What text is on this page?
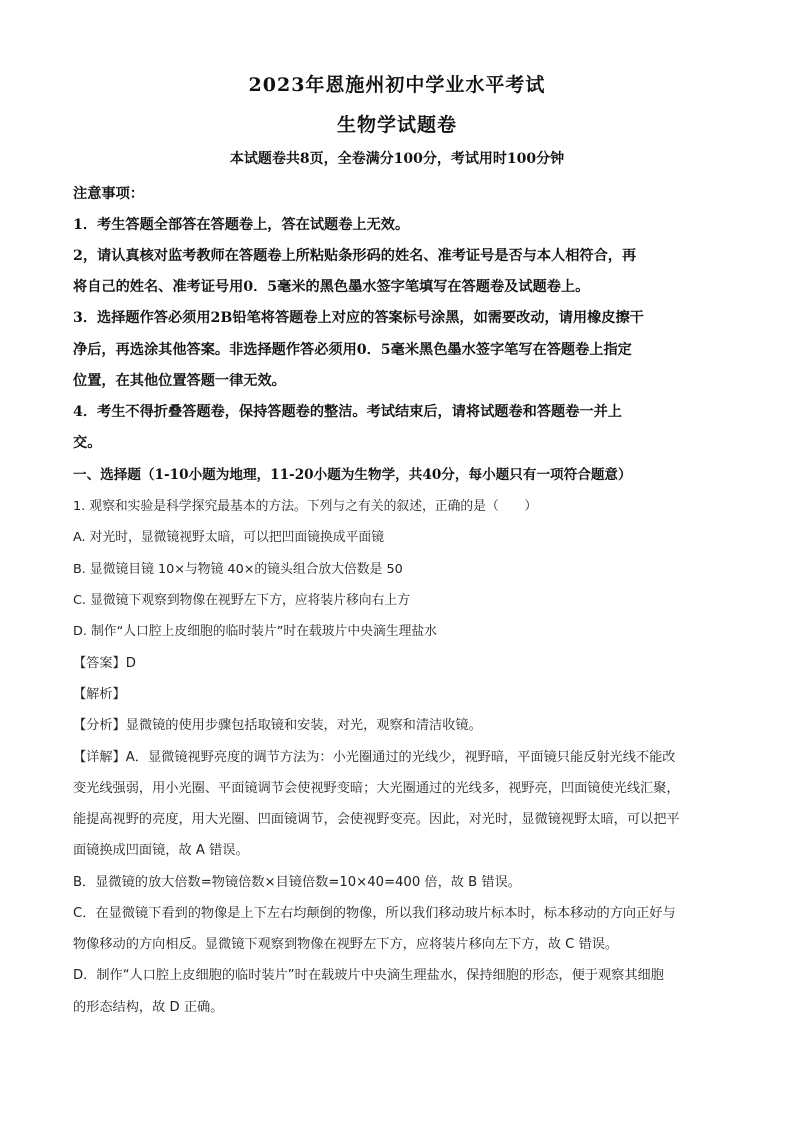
2023年恩施州初中学业水平考试
生物学试题卷
本试题卷共8页，全卷满分100分，考试用时100分钟
注意事项：
1．考生答题全部答在答题卷上，答在试题卷上无效。
2，请认真核对监考教师在答题卷上所粘贴条形码的姓名、准考证号是否与本人相符合，再
将自己的姓名、准考证号用0．5毫米的黑色墨水签字笔填写在答题卷及试题卷上。
3．选择题作答必须用2B铅笔将答题卷上对应的答案标号涂黑，如需要改动，请用橡皮擦干
净后，再选涂其他答案。非选择题作答必须用0．5毫米黑色墨水签字笔写在答题卷上指定
位置，在其他位置答题一律无效。
4．考生不得折叠答题卷，保持答题卷的整洁。考试结束后，请将试题卷和答题卷一并上
交。
一、选择题（1-10小题为地理，11-20小题为生物学，共40分，每小题只有一项符合题意）
1. 观察和实验是科学探究最基本的方法。下列与之有关的叙述，正确的是（　　）
A. 对光时，显微镜视野太暗，可以把凹面镜换成平面镜
B. 显微镜目镜 10×与物镜 40×的镜头组合放大倍数是 50
C. 显微镜下观察到物像在视野左下方，应将装片移向右上方
D. 制作“人口腔上皮细胞的临时装片”时在载玻片中央滴生理盐水
【答案】D
【解析】
【分析】显微镜的使用步骤包括取镜和安装，对光，观察和清洁收镜。
【详解】A．显微镜视野亮度的调节方法为：小光圈通过的光线少，视野暗，平面镜只能反射光线不能改
变光线强弱，用小光圈、平面镜调节会使视野变暗；大光圈通过的光线多，视野亮，凹面镜使光线汇聚，
能提高视野的亮度，用大光圈、凹面镜调节，会使视野变亮。因此，对光时，显微镜视野太暗，可以把平
面镜换成凹面镜，故 A 错误。
B．显微镜的放大倍数=物镜倍数×目镜倍数=10×40=400 倍，故 B 错误。
C．在显微镜下看到的物像是上下左右均颠倒的物像，所以我们移动玻片标本时，标本移动的方向正好与
物像移动的方向相反。显微镜下观察到物像在视野左下方，应将装片移向左下方，故 C 错误。
D．制作“人口腔上皮细胞的临时装片”时在载玻片中央滴生理盐水，保持细胞的形态，便于观察其细胞
的形态结构，故 D 正确。
